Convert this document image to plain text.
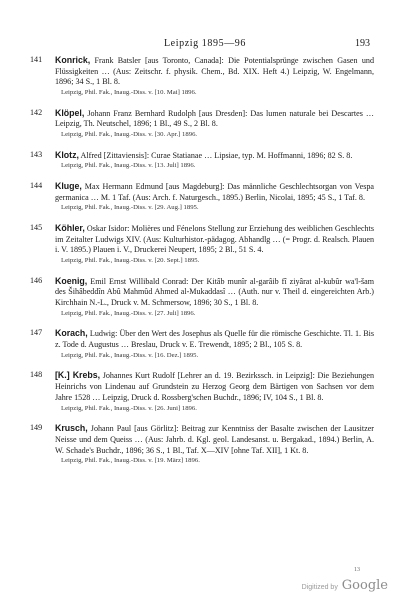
Leipzig 1895—96	193
141	Konrick, Frank Batsler [aus Toronto, Canada]: Die Potentialsprünge zwischen Gasen und Flüssigkeiten … (Aus: Zeitschr. f. physik. Chem., Bd. XIX. Heft 4.) Leipzig, W. Engelmann, 1896; 34 S., 1 Bl. 8.
Leipzig, Phil. Fak., Inaug.-Diss. v. [10. Mai] 1896.
142	Klöpel, Johann Franz Bernhard Rudolph [aus Dresden]: Das lumen naturale bei Descartes … Leipzig, Th. Neutschel, 1896; 1 Bl., 49 S., 2 Bl. 8.
Leipzig, Phil. Fak., Inaug.-Diss. v. [30. Apr.] 1896.
143	Klotz, Alfred [Zittaviensis]: Curae Statianae … Lipsiae, typ. M. Hoffmanni, 1896; 82 S. 8.
Leipzig, Phil. Fak., Inaug.-Diss. v. [13. Juli] 1896.
144	Kluge, Max Hermann Edmund [aus Magdeburg]: Das männliche Geschlechtsorgan von Vespa germanica … M. 1 Taf. (Aus: Arch. f. Naturgesch., 1895.) Berlin, Nicolai, 1895; 45 S., 1 Taf. 8.
Leipzig, Phil. Fak., Inaug.-Diss. v. [29. Aug.] 1895.
145	Köhler, Oskar Isidor: Molières und Fénelons Stellung zur Erziehung des weiblichen Geschlechts im Zeitalter Ludwigs XIV. (Aus: Kulturhistor.-pädagog. Abhandlg … (= Progr. d. Realsch. Plauen i. V. 1895.) Plauen i. V., Druckerei Neupert, 1895; 2 Bl., 51 S. 4.
Leipzig, Phil. Fak., Inaug.-Diss. v. [20. Sept.] 1895.
146	Koenig, Emil Ernst Willibald Conrad: Der Kitâb munîr al-garâib fî ziyârat al-kubûr wa'l-šam des Šihâbeddîn Abû Mahmûd Ahmed al-Mukaddasî … (Auth. nur v. Theil d. eingereichten Arb.) Kirchhain N.-L., Druck v. M. Schmersow, 1896; 30 S., 1 Bl. 8.
Leipzig, Phil. Fak., Inaug.-Diss. v. [27. Juli] 1896.
147	Korach, Ludwig: Über den Wert des Josephus als Quelle für die römische Geschichte. Tl. 1. Bis z. Tode d. Augustus … Breslau, Druck v. E. Trewendt, 1895; 2 Bl., 105 S. 8.
Leipzig, Phil. Fak., Inaug.-Diss. v. [16. Dez.] 1895.
148	[K.] Krebs, Johannes Kurt Rudolf [Lehrer an d. 19. Bezirkssch. in Leipzig]: Die Beziehungen Heinrichs von Lindenau auf Grundstein zu Herzog Georg dem Bärtigen von Sachsen vor dem Jahre 1528 … Leipzig, Druck d. Rossberg'schen Buchdr., 1896; IV, 104 S., 1 Bl. 8.
Leipzig, Phil. Fak., Inaug.-Diss. v. [26. Juni] 1896.
149	Krusch, Johann Paul [aus Görlitz]: Beitrag zur Kenntniss der Basalte zwischen der Lausitzer Neisse und dem Queiss … (Aus: Jahrb. d. Kgl. geol. Landesanst. u. Bergakad., 1894.) Berlin, A. W. Schade's Buchdr., 1896; 36 S., 1 Bl., Taf. X—XIV [ohne Taf. XII], 1 Kt. 8.
Leipzig, Phil. Fak., Inaug.-Diss. v. [19. März] 1896.
13
Digitized by Google
